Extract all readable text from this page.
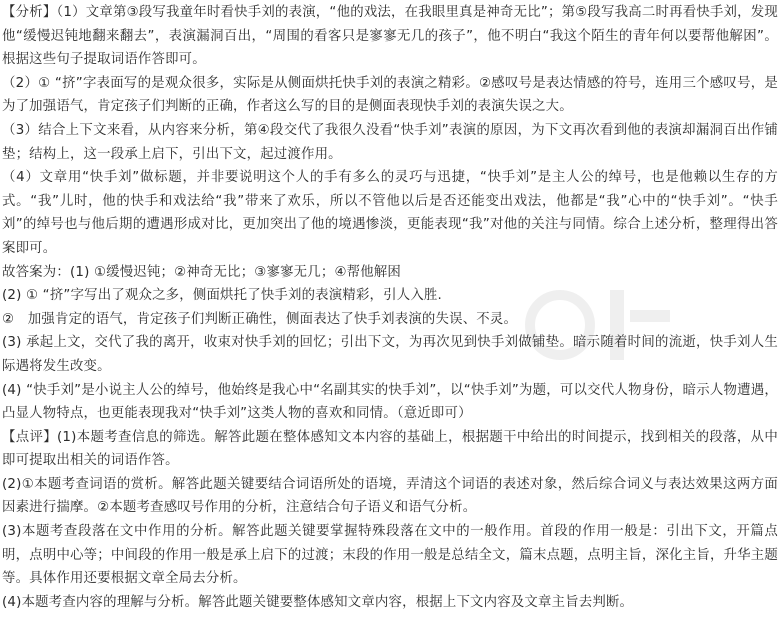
【分析】（1）文章第③段写我童年时看快手刘的表演，“他的戏法，在我眼里真是神奇无比”；第⑤段写我高二时再看快手刘，发现他“缓慢迟钝地翻来翻去”，表演漏洞百出，“周围的看客只是寥寥无几的孩子”，他不明白“我这个陌生的青年何以要帮他解困”。根据这些句子提取词语作答即可。

（2）① “挤”字表面写的是观众很多，实际是从侧面烘托快手刘的表演之精彩。②感叹号是表达情感的符号，连用三个感叹号，是为了加强语气，肯定孩子们判断的正确，作者这么写的目的是侧面表现快手刘的表演失误之大。

（3）结合上下文来看，从内容来分析，第④段交代了我很久没看“快手刘”表演的原因，为下文再次看到他的表演却漏洞百出作铺垫；结构上，这一段承上启下，引出下文，起过渡作用。

（4）文章用“快手刘”做标题，并非要说明这个人的手有多么的灵巧与迅捷，“快手刘”是主人公的绰号，也是他赖以生存的方式。“我”儿时，他的快手和戏法给“我”带来了欢乐，所以不管他以后是否还能变出戏法，他都是“我”心中的“快手刘”。“快手刘”的绰号也与他后期的遭遇形成对比，更加突出了他的境遇惨淡，更能表现“我”对他的关注与同情。综合上述分析，整理得出答案即可。

故答案为：(1) ①缓慢迟钝；②神奇无比；③寥寥无几；④帮他解困

(2) ① “挤”字写出了观众之多，侧面烘托了快手刘的表演精彩，引人入胜.

②　加强肯定的语气，肯定孩子们判断正确性，侧面表达了快手刘表演的失误、不灵。

(3) 承起上文，交代了我的离开，收束对快手刘的回忆；引出下文，为再次见到快手刘做铺垫。暗示随着时间的流逝，快手刘人生际遇将发生改变。

(4) “快手刘”是小说主人公的绰号，他始终是我心中“名副其实的快手刘”，以“快手刘”为题，可以交代人物身份，暗示人物遭遇，凸显人物特点，也更能表现我对“快手刘”这类人物的喜欢和同情。（意近即可）

【点评】(1)本题考查信息的筛选。解答此题在整体感知文本内容的基础上，根据题干中给出的时间提示，找到相关的段落，从中即可提取出相关的词语作答。

(2)①本题考查词语的赏析。解答此题关键要结合词语所处的语境，弄清这个词语的表述对象，然后综合词义与表达效果这两方面因素进行揣摩。②本题考查感叹号作用的分析，注意结合句子语义和语气分析。

(3)本题考查段落在文中作用的分析。解答此题关键要掌握特殊段落在文中的一般作用。首段的作用一般是：引出下文，开篇点明，点明中心等；中间段的作用一般是承上启下的过渡；末段的作用一般是总结全文，篇末点题，点明主旨，深化主旨，升华主题等。具体作用还要根据文章全局去分析。

(4)本题考查内容的理解与分析。解答此题关键要整体感知文章内容，根据上下文内容及文章主旨去判断。
